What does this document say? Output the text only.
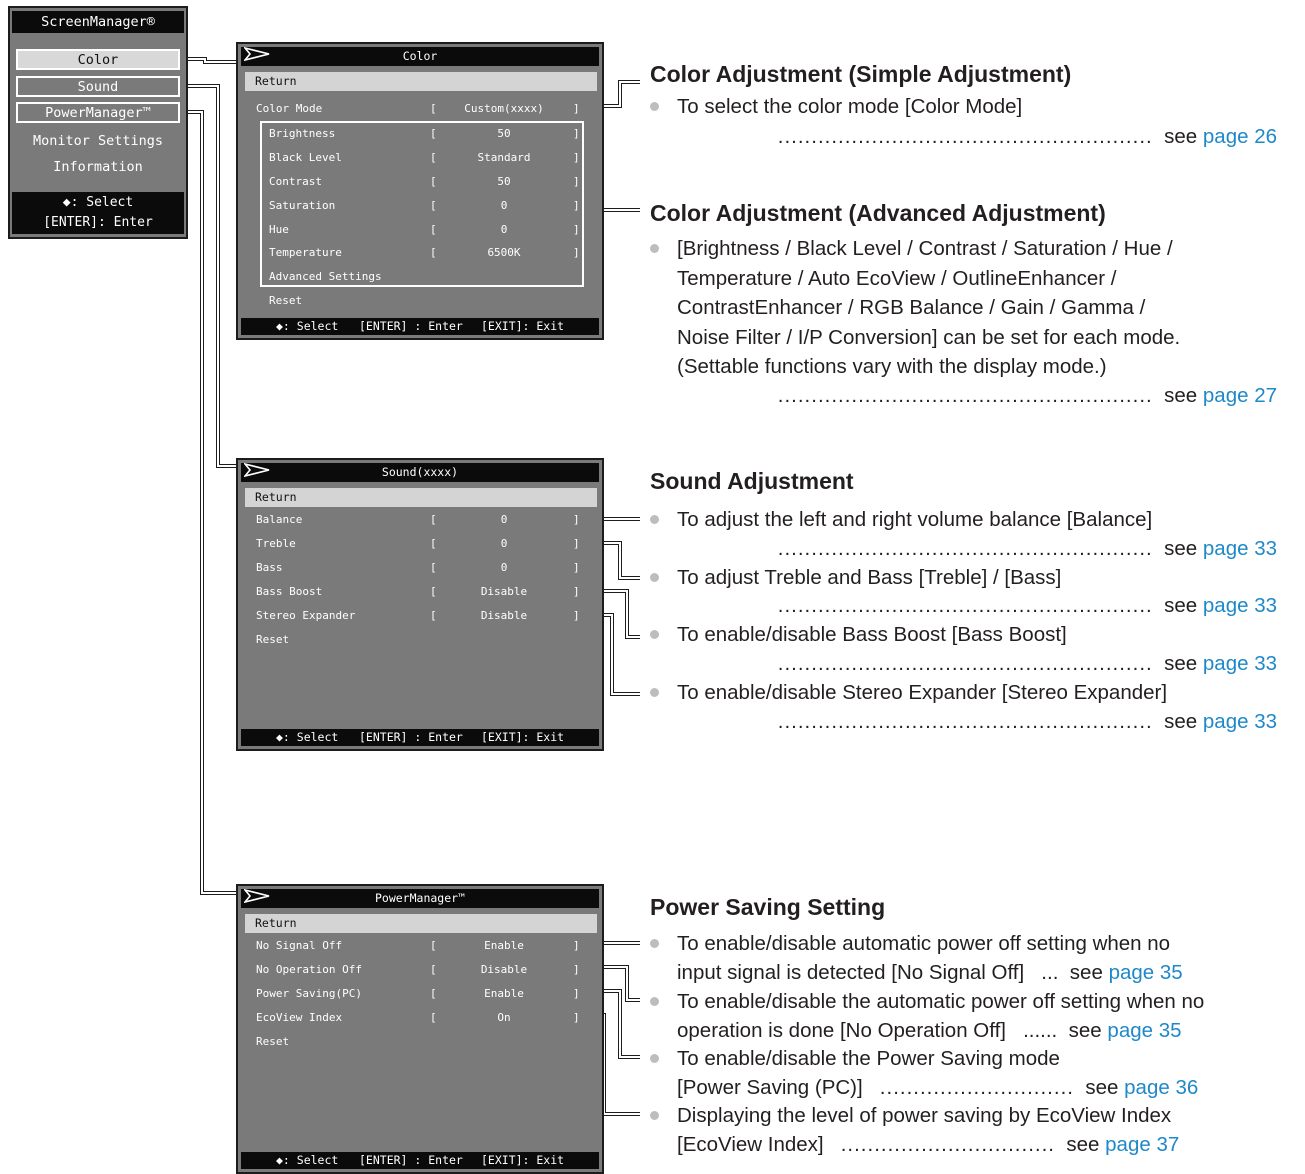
ScreenManager®
Color
Sound
PowerManager™
Monitor Settings
Information
◆: Select
[ENTER]: Enter
Color
Return
Color Mode	[	Custom(xxxx)	]
Brightness	[	50	]
Black Level	[	Standard	]
Contrast	[	50	]
Saturation	[	0	]
Hue	[	0	]
Temperature	[	6500K	]
Advanced Settings
Reset
◆: Select [ENTER] : Enter [EXIT]: Exit
Sound(xxxx)
Return
Balance	[	0	]
Treble	[	0	]
Bass	[	0	]
Bass Boost	[	Disable	]
Stereo Expander	[	Disable	]
Reset
◆: Select [ENTER] : Enter [EXIT]: Exit
PowerManager™
Return
No Signal Off	[	Enable	]
No Operation Off	[	Disable	]
Power Saving(PC)	[	Enable	]
EcoView Index	[	On	]
Reset
◆: Select [ENTER] : Enter [EXIT]: Exit
Color Adjustment (Simple Adjustment)
To select the color mode [Color Mode]
........................................................ see page 26
Color Adjustment (Advanced Adjustment)
[Brightness / Black Level / Contrast / Saturation / Hue /
Temperature / Auto EcoView / OutlineEnhancer /
ContrastEnhancer / RGB Balance / Gain / Gamma /
Noise Filter / I/P Conversion] can be set for each mode.
(Settable functions vary with the display mode.)
........................................................ see page 27
Sound Adjustment
To adjust the left and right volume balance [Balance]
........................................................ see page 33
To adjust Treble and Bass [Treble] / [Bass]
........................................................ see page 33
To enable/disable Bass Boost [Bass Boost]
........................................................ see page 33
To enable/disable Stereo Expander [Stereo Expander]
........................................................ see page 33
Power Saving Setting
To enable/disable automatic power off setting when no
input signal is detected [No Signal Off] ... see page 35
To enable/disable the automatic power off setting when no
operation is done [No Operation Off] ...... see page 35
To enable/disable the Power Saving mode
[Power Saving (PC)] ............................. see page 36
Displaying the level of power saving by EcoView Index
[EcoView Index] ................................ see page 37
